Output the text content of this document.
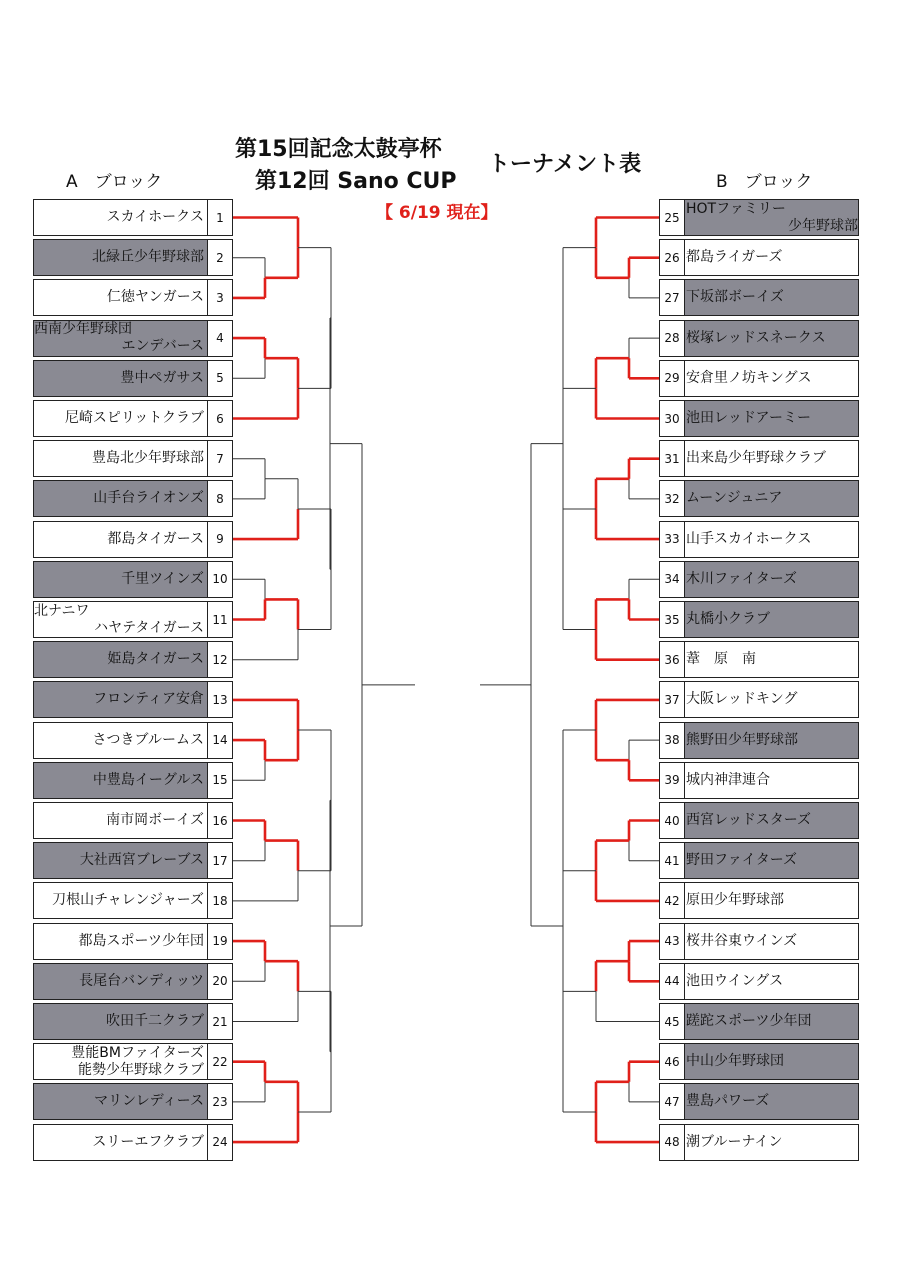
第15回記念太鼓亭杯
第12回 Sano CUP
トーナメント表
【 6/19 現在】
A　ブロック	B　ブロック
スカイホークス	1
北緑丘少年野球部	2
仁徳ヤンガース	3
西南少年野球団
エンデバース	4
豊中ペガサス	5
尼崎スピリットクラブ	6
豊島北少年野球部	7
山手台ライオンズ	8
都島タイガース	9
千里ツインズ 10
北ナニワ
ハヤテタイガース 11
姫島タイガース 12
フロンティア安倉 13
さつきブルームス 14
中豊島イーグルス 15
南市岡ボーイズ 16
大社西宮ブレーブス 17
刀根山チャレンジャーズ 18
都島スポーツ少年団 19
長尾台バンディッツ 20
吹田千二クラブ 21
豊能BMファイターズ
能勢少年野球クラブ 22
マリンレディース 23
スリーエフクラブ 24
HOTファミリー
少年野球部
25
都島ライガーズ
26
下坂部ボーイズ
27
桜塚レッドスネークス
28
安倉里ノ坊キングス
29
池田レッドアーミー
30
出来島少年野球クラブ
31
ムーンジュニア
32
山手スカイホークス
33
木川ファイターズ
34
丸橋小クラブ
35
葦　原　南
36
大阪レッドキング
37
熊野田少年野球部
38
城内神津連合
39
西宮レッドスターズ
40
野田ファイターズ
41
原田少年野球部
42
桜井谷東ウインズ
43
池田ウイングス
44
蹉跎スポーツ少年団
45
中山少年野球団
46
豊島パワーズ
47
潮ブルーナイン
48
